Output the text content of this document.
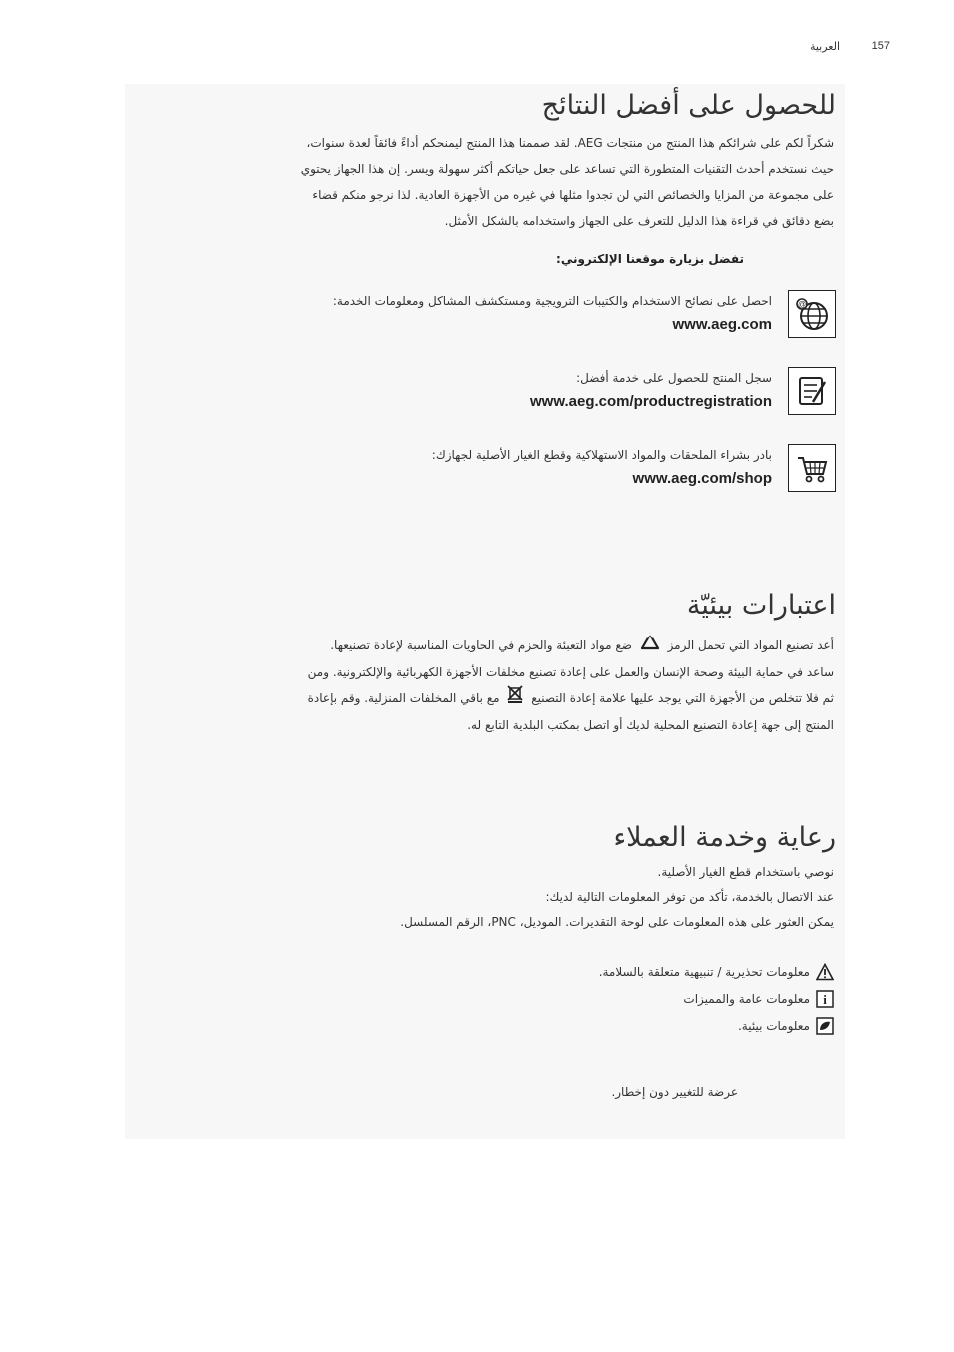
العربية	157
للحصول على أفضل النتائج

شكراً لكم على شرائكم هذا المنتج من منتجات AEG. لقد صممنا هذا المنتج ليمنحكم أداءً فائقاً لعدة سنوات،

حيث نستخدم أحدث التقنيات المتطورة التي تساعد على جعل حياتكم أكثر سهولة ويسر. إن هذا الجهاز يحتوي

على مجموعة من المزايا والخصائص التي لن تجدوا مثلها في غيره من الأجهزة العادية. لذا نرجو منكم قضاء

بضع دقائق في قراءة هذا الدليل للتعرف على الجهاز واستخدامه بالشكل الأمثل.

تفضل بزيارة موقعنا الإلكتروني:
@
احصل على نصائح الاستخدام والكتيبات الترويجية ومستكشف المشاكل ومعلومات الخدمة:
www.aeg.com
سجل المنتج للحصول على خدمة أفضل:
www.aeg.com/productregistration
بادر بشراء الملحقات والمواد الاستهلاكية وقطع الغيار الأصلية لجهازك:
www.aeg.com/shop
اعتبارات بيئيّة

أعد تصنيع المواد التي تحمل الرمز  ضع مواد التعبئة والحزم في الحاويات المناسبة لإعادة تصنيعها.

ساعد في حماية البيئة وصحة الإنسان والعمل على إعادة تصنيع مخلفات الأجهزة الكهربائية والإلكترونية. ومن

ثم فلا تتخلص من الأجهزة التي يوجد عليها علامة إعادة التصنيع  مع باقي المخلفات المنزلية. وقم بإعادة

المنتج إلى جهة إعادة التصنيع المحلية لديك أو اتصل بمكتب البلدية التابع له.

رعاية وخدمة العملاء

نوصي باستخدام قطع الغيار الأصلية.

عند الاتصال بالخدمة، تأكد من توفر المعلومات التالية لديك:

يمكن العثور على هذه المعلومات على لوحة التقديرات. الموديل، PNC، الرقم المسلسل.

معلومات تحذيرية / تنبيهية متعلقة بالسلامة.
i
معلومات عامة والمميزات
معلومات بيئية.
عرضة للتغيير دون إخطار.
